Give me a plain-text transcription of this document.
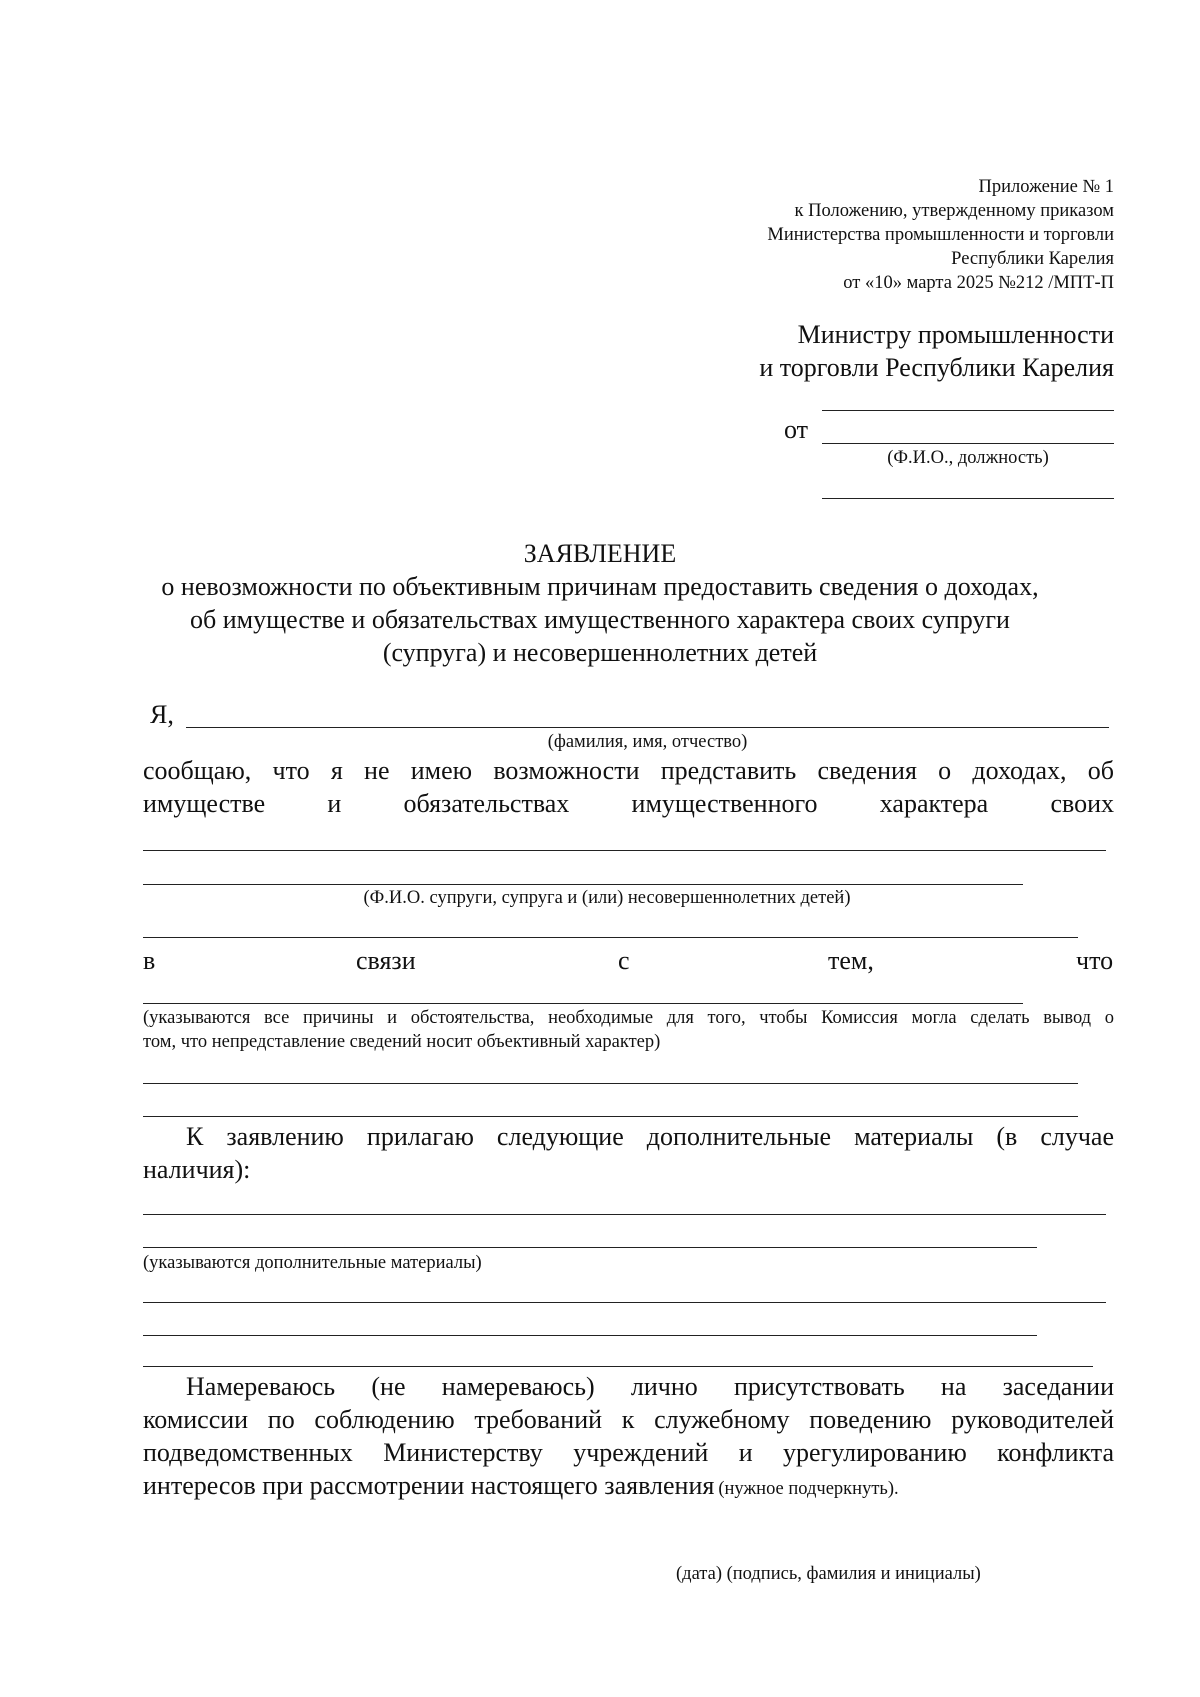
Приложение № 1
к Положению, утвержденному приказом
Министерства промышленности и торговли
Республики Карелия
от «10» марта 2025 №212 /МПТ-П
Министру промышленности
и торговли Республики Карелия
от
(Ф.И.О., должность)
ЗАЯВЛЕНИЕ
о невозможности по объективным причинам предоставить сведения о доходах,
об имуществе и обязательствах имущественного характера своих супруги
(супруга) и несовершеннолетних детей
Я,
(фамилия, имя, отчество)
сообщаю, что я не имею возможности представить сведения о доходах, об
имуществе и обязательствах имущественного характера своих
(Ф.И.О. супруги, супруга и (или) несовершеннолетних детей)
в	связи	с	тем,	что
(указываются все причины и обстоятельства, необходимые для того, чтобы Комиссия могла сделать вывод о
том, что непредставление сведений носит объективный характер)
К заявлению прилагаю следующие дополнительные материалы (в случае
наличия):
(указываются дополнительные материалы)
Намереваюсь (не намереваюсь) лично присутствовать на заседании
комиссии по соблюдению требований к служебному поведению руководителей
подведомственных Министерству учреждений и урегулированию конфликта
интересов при рассмотрении настоящего заявления (нужное подчеркнуть).
(дата) (подпись, фамилия и инициалы)
